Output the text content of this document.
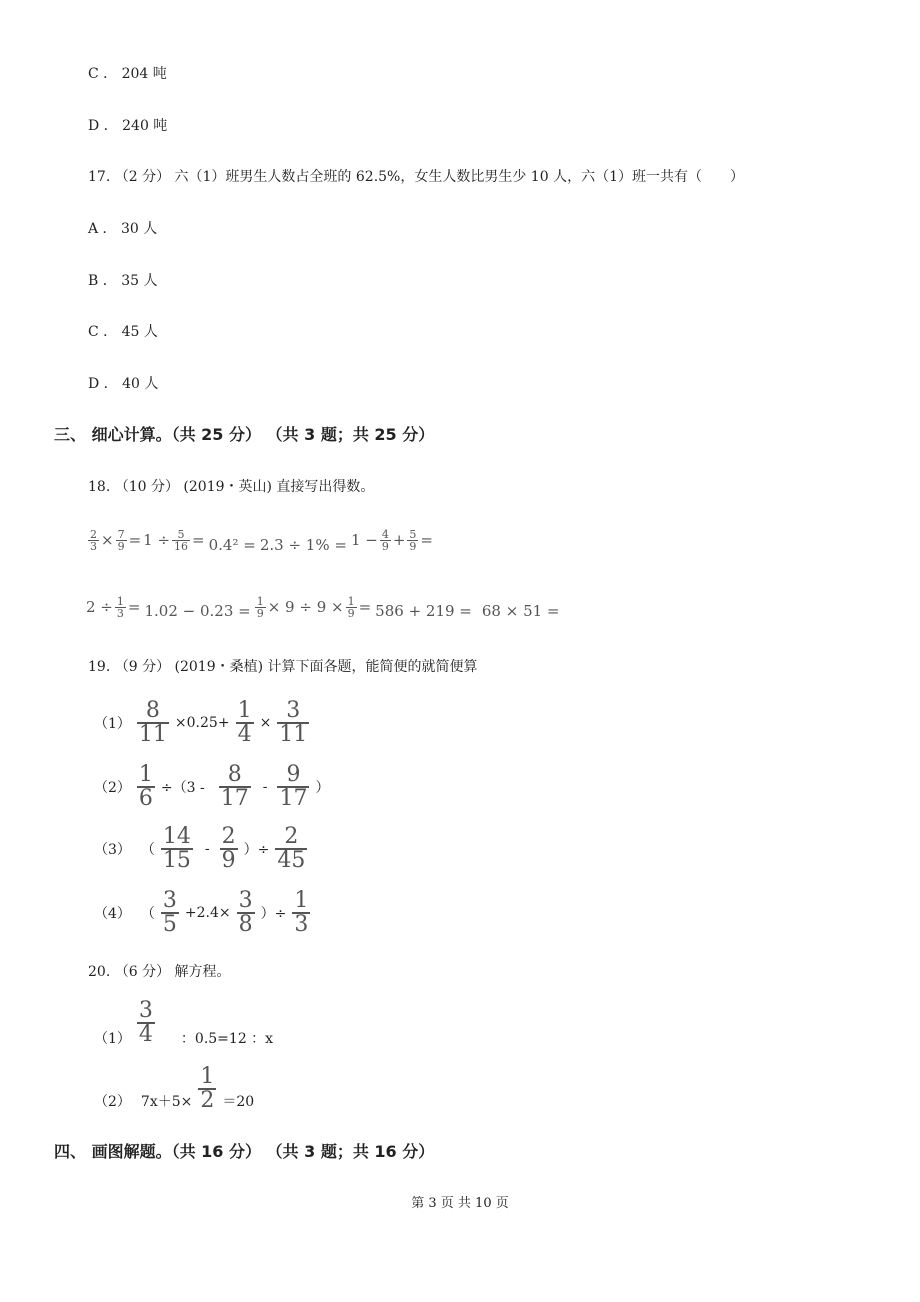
C ． 204 吨
D ． 240 吨
17. （2 分） 六（1）班男生人数占全班的 62.5%，女生人数比男生少 10 人，六（1）班一共有（　　）
A ． 30 人
B ． 35 人
C ． 45 人
D ． 40 人
三、 细心计算。（共 25 分） （共 3 题；共 25 分）
18. （10 分） (2019・英山) 直接写出得数。
$\frac{2}{3} \times \frac{7}{9} = 1 \div \frac{5}{16} = 0.4^2 = 2.3 \div 1\% = 1 - \frac{4}{9} + \frac{5}{9}$ =
$2 \div \frac{1}{3} = 1.02 - 0.23 = \frac{1}{9} \times 9 \div 9 \times \frac{1}{9} = 586 + 219 = 68 \times 51$ =
19. （9 分） (2019・桑植) 计算下面各题，能简便的就简便算
$(1) \frac{8}{11} \times 0.25+ \frac{1}{4} \times \frac{3}{11}$
$(2) \frac{1}{6} \div(3 - \frac{8}{17} - \frac{9}{17}$ ）
（3） （ $\frac{14}{15} - \frac{2}{9}$ ）÷ $\frac{2}{45}$
（4） （ $\frac{3}{5} +2.4\times \frac{3}{8}$ ）÷ $\frac{1}{3}$
20. （6 分） 解方程。
$(1) \frac{3}{4}$ ：0.5=12 ：x
（2） $7x+5\times \frac{1}{2} =20$
四、 画图解题。（共 16 分） （共 3 题；共 16 分）
第 3 页 共 10 页
